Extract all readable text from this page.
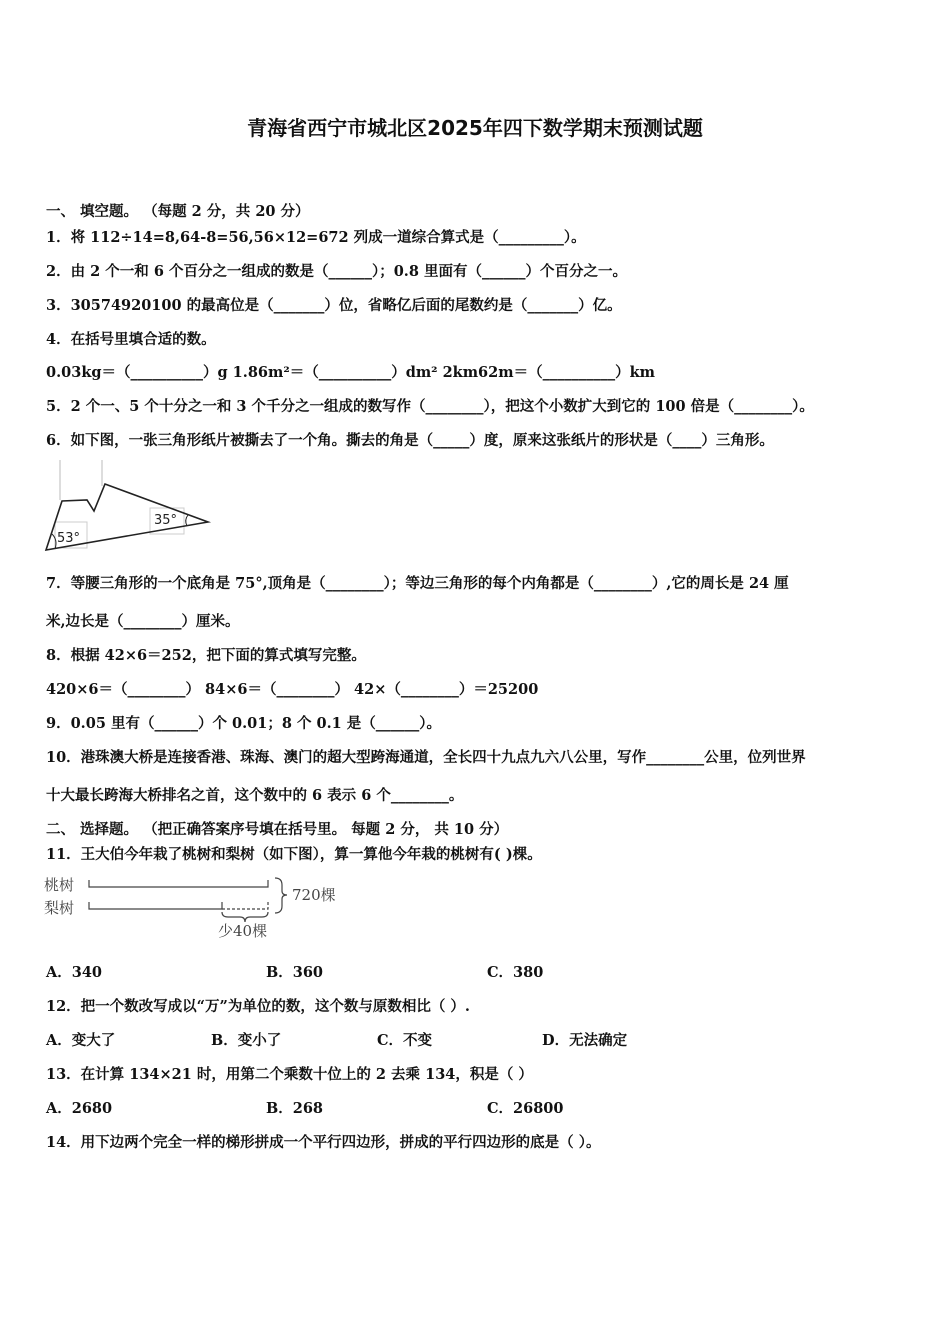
青海省西宁市城北区2025年四下数学期末预测试题
一、 填空题。 （每题 2 分，共 20 分）
1．将 112÷14=8,64-8=56,56×12=672 列成一道综合算式是（_________）。
2．由 2 个一和 6 个百分之一组成的数是（______）；0.8 里面有（______）个百分之一。
3．30574920100 的最高位是（_______）位，省略亿后面的尾数约是（_______）亿。
4．在括号里填合适的数。
0.03kg＝（__________）g 1.86m²＝（__________）dm² 2km62m＝（__________）km
5．2 个一、5 个十分之一和 3 个千分之一组成的数写作（________），把这个小数扩大到它的 100 倍是（________）。
6．如下图，一张三角形纸片被撕去了一个角。撕去的角是（_____）度，原来这张纸片的形状是（____）三角形。
53°
35°
7．等腰三角形的一个底角是 75°,顶角是（________）；等边三角形的每个内角都是（________）,它的周长是 24 厘
米,边长是（________）厘米。
8．根据 42×6＝252，把下面的算式填写完整。
420×6＝（________） 84×6＝（________） 42×（________）＝25200
9．0.05 里有（______）个 0.01；8 个 0.1 是（______）。
10．港珠澳大桥是连接香港、珠海、澳门的超大型跨海通道，全长四十九点九六八公里，写作________公里，位列世界
十大最长跨海大桥排名之首，这个数中的 6 表示 6 个________。
二、 选择题。 （把正确答案序号填在括号里。 每题 2 分， 共 10 分）
11．王大伯今年栽了桃树和梨树（如下图），算一算他今年栽的桃树有( )棵。
桃树
梨树
720棵
少40棵
A．340	B．360	C．380
12．把一个数改写成以“万”为单位的数，这个数与原数相比（ ）.
A．变大了	B．变小了	C．不变	D．无法确定
13．在计算 134×21 时，用第二个乘数十位上的 2 去乘 134，积是（ ）
A．2680	B．268	C．26800
14．用下边两个完全一样的梯形拼成一个平行四边形，拼成的平行四边形的底是（ ）。
